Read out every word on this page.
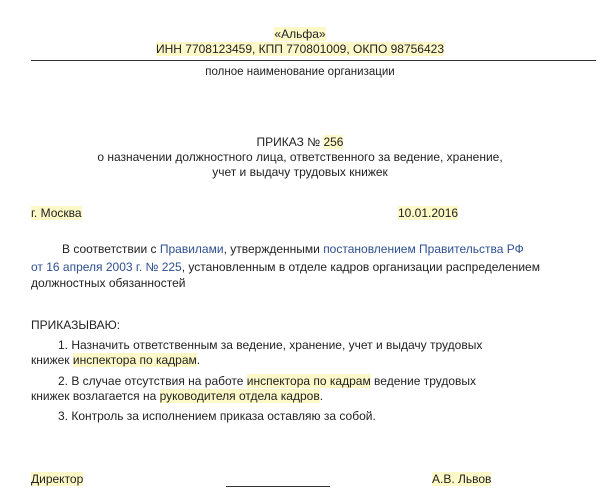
«Альфа»
ИНН 7708123459, КПП 770801009, ОКПО 98756423
полное наименование организации
ПРИКАЗ № 256
о назначении должностного лица, ответственного за ведение, хранение,
учет и выдачу трудовых книжек
г. Москва	10.01.2016
В соответствии с Правилами, утвержденными постановлением Правительства РФ
от 16 апреля 2003 г. № 225, установленным в отделе кадров организации распределением
должностных обязанностей
ПРИКАЗЫВАЮ:
1. Назначить ответственным за ведение, хранение, учет и выдачу трудовых
книжек инспектора по кадрам.
2. В случае отсутствия на работе инспектора по кадрам ведение трудовых
книжек возлагается на руководителя отдела кадров.
3. Контроль за исполнением приказа оставляю за собой.
Директор	А.В. Львов
